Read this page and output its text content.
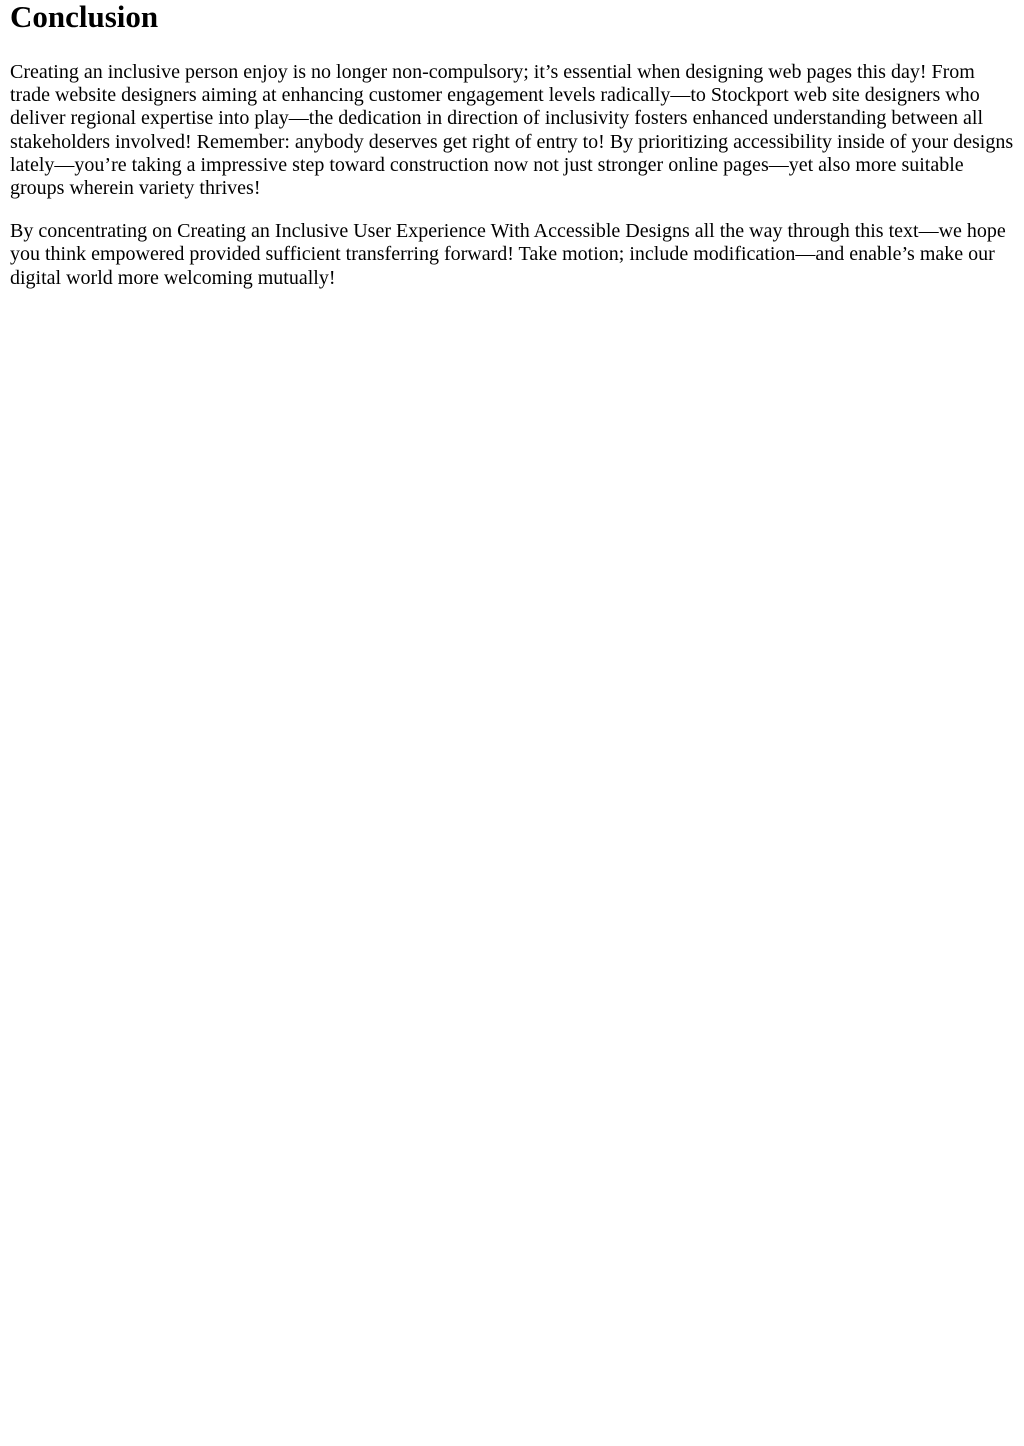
Conclusion

Creating an inclusive person enjoy is no longer non-compulsory; it’s essential when designing web pages this day! From trade website designers aiming at enhancing customer engagement levels radically—to Stockport web site designers who deliver regional expertise into play—the dedication in direction of inclusivity fosters enhanced understanding between all stakeholders involved! Remember: anybody deserves get right of entry to! By prioritizing accessibility inside of your designs lately—you’re taking a impressive step toward construction now not just stronger online pages—yet also more suitable groups wherein variety thrives!

By concentrating on Creating an Inclusive User Experience With Accessible Designs all the way through this text—we hope you think empowered provided sufficient transferring forward! Take motion; include modification—and enable’s make our digital world more welcoming mutually!
